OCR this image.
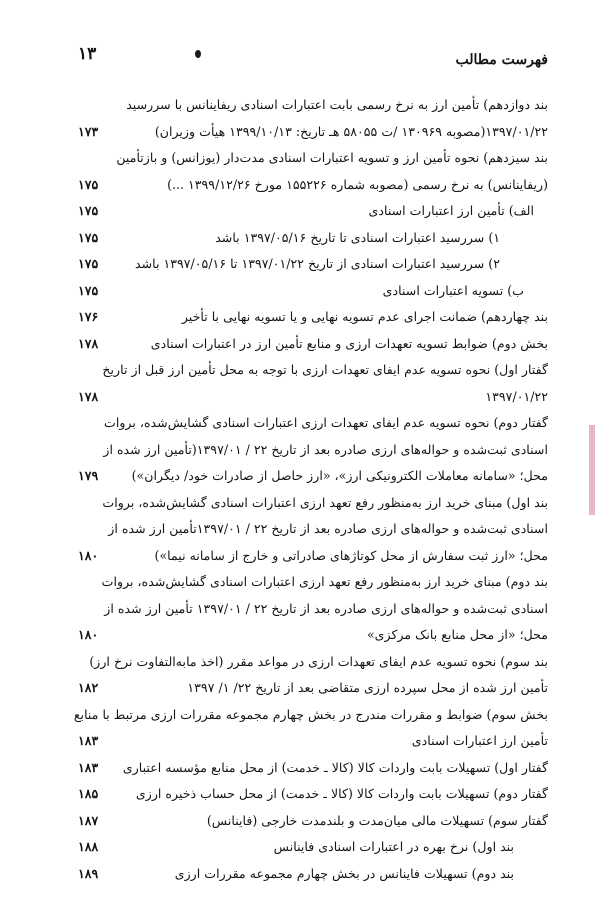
فهرست مطالب
۱۳
بند دوازدهم) تأمین ارز به نرخ رسمی بابت اعتبارات اسنادی ریفاینانس با سررسید
۱۳۹۷/۰۱/۲۲(مصوبه ۱۳۰۹۶۹ /ت ۵۸۰۵۵ هـ تاریخ: ۱۳۹۹/۱۰/۱۳ هیأت وزیران)
۱۷۳
بند سیزدهم) نحوه تأمین ارز و تسویه اعتبارات اسنادی مدت‌دار (یوزانس) و بازتأمین
(ریفاینانس) به نرخ رسمی (مصوبه شماره ۱۵۵۲۲۶ مورخ ۱۳۹۹/۱۲/۲۶ ...)
۱۷۵
الف) تأمین ارز اعتبارات اسنادی
۱۷۵
۱) سررسید اعتبارات اسنادی تا تاریخ ۱۳۹۷/۰۵/۱۶ باشد
۱۷۵
۲) سررسید اعتبارات اسنادی از تاریخ ۱۳۹۷/۰۱/۲۲ تا ۱۳۹۷/۰۵/۱۶ باشد
۱۷۵
ب) تسویه اعتبارات اسنادی
۱۷۵
بند چهاردهم) ضمانت اجرای عدم تسویه نهایی و یا تسویه نهایی با تأخیر
۱۷۶
بخش دوم) ضوابط تسویه تعهدات ارزی و منابع تأمین ارز در اعتبارات اسنادی
۱۷۸
گفتار اول) نحوه تسویه عدم ایفای تعهدات ارزی با توجه به محل تأمین ارز قبل از تاریخ
۱۳۹۷/۰۱/۲۲
۱۷۸
گفتار دوم) نحوه تسویه عدم ایفای تعهدات ارزی اعتبارات اسنادی گشایش‌شده، بروات
اسنادی ثبت‌شده و حواله‌های ارزی صادره بعد از تاریخ ۲۲ / ۱۳۹۷/۰۱(تأمین ارز شده از
محل؛ «سامانه معاملات الکترونیکی ارز»، «ارز حاصل از صادرات خود/ دیگران»)
۱۷۹
بند اول) مبنای خرید ارز به‌منظور رفع تعهد ارزی اعتبارات اسنادی گشایش‌شده، بروات
اسنادی ثبت‌شده و حواله‌های ارزی صادره بعد از تاریخ ۲۲ / ۱۳۹۷/۰۱تأمین ارز شده از
محل؛ «ارز ثبت سفارش از محل کوتاژهای صادراتی و خارج از سامانه نیما»)
۱۸۰
بند دوم) مبنای خرید ارز به‌منظور رفع تعهد ارزی اعتبارات اسنادی گشایش‌شده، بروات
اسنادی ثبت‌شده و حواله‌های ارزی صادره بعد از تاریخ ۲۲ / ۱۳۹۷/۰۱ تأمین ارز شده از
محل؛ «از محل منابع بانک مرکزی»
۱۸۰
بند سوم) نحوه تسویه عدم ایفای تعهدات ارزی در مواعد مقرر (اخذ مابه‌التفاوت نرخ ارز)
تأمین ارز شده از محل سپرده ارزی متقاضی بعد از تاریخ ۲۲/ ۱/ ۱۳۹۷
۱۸۲
بخش سوم) ضوابط و مقررات مندرج در بخش چهارم مجموعه مقررات ارزی مرتبط با منابع
تأمین ارز اعتبارات اسنادی
۱۸۳
گفتار اول) تسهیلات بابت واردات کالا (کالا ـ خدمت) از محل منابع مؤسسه اعتباری
۱۸۳
گفتار دوم) تسهیلات بابت واردات کالا (کالا ـ خدمت) از محل حساب ذخیره ارزی
۱۸۵
گفتار سوم) تسهیلات مالی میان‌مدت و بلندمدت خارجی (فاینانس)
۱۸۷
بند اول) نرخ بهره در اعتبارات اسنادی فاینانس
۱۸۸
بند دوم) تسهیلات فاینانس در بخش چهارم مجموعه مقررات ارزی
۱۸۹
